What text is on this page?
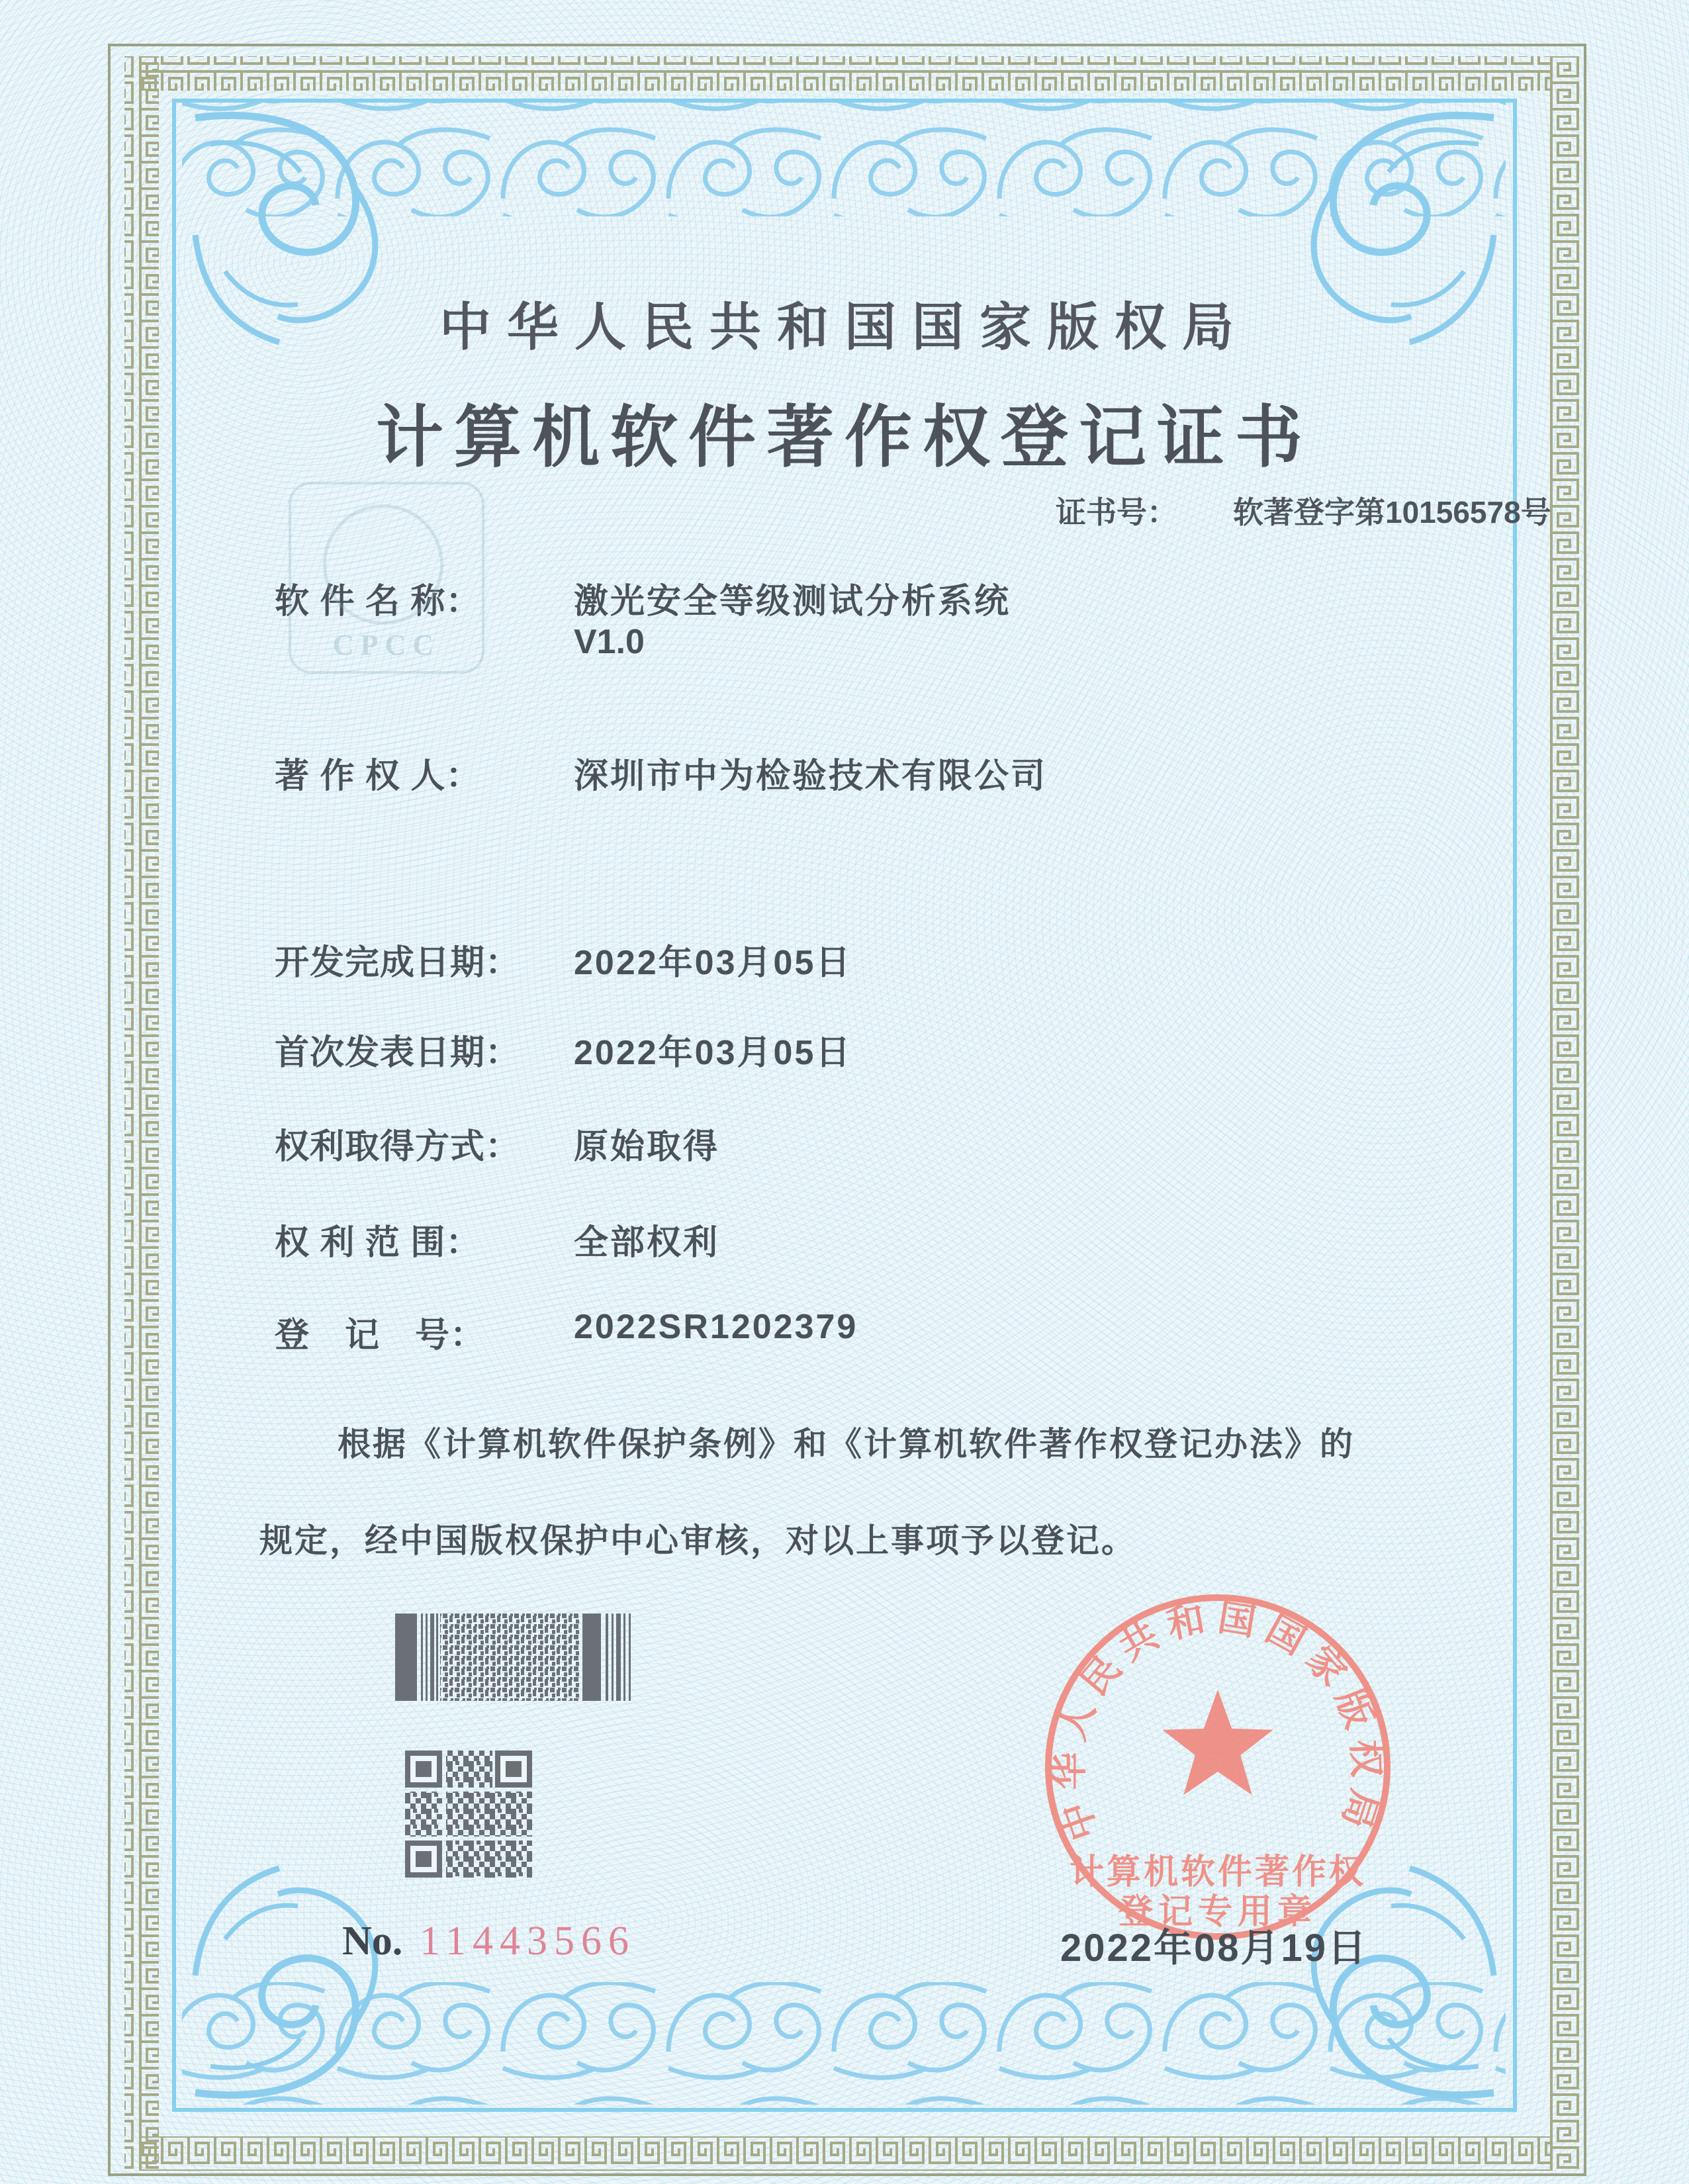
CPCC
中华人民共和国国家版权局
计算机软件著作权登记证书
证书号： 软著登字第10156578号
软 件 名 称：	激光安全等级测试分析系统
V1.0
著 作 权 人：	深圳市中为检验技术有限公司
开发完成日期：	2022年03月05日
首次发表日期：	2022年03月05日
权利取得方式：	原始取得
权 利 范 围：	全部权利
登　记　号：	2022SR1202379
根据《计算机软件保护条例》和《计算机软件著作权登记办法》的
规定，经中国版权保护中心审核，对以上事项予以登记。
No. 11443566
中华人民共和国国家版权局
计算机软件著作权
登记专用章
2022年08月19日
